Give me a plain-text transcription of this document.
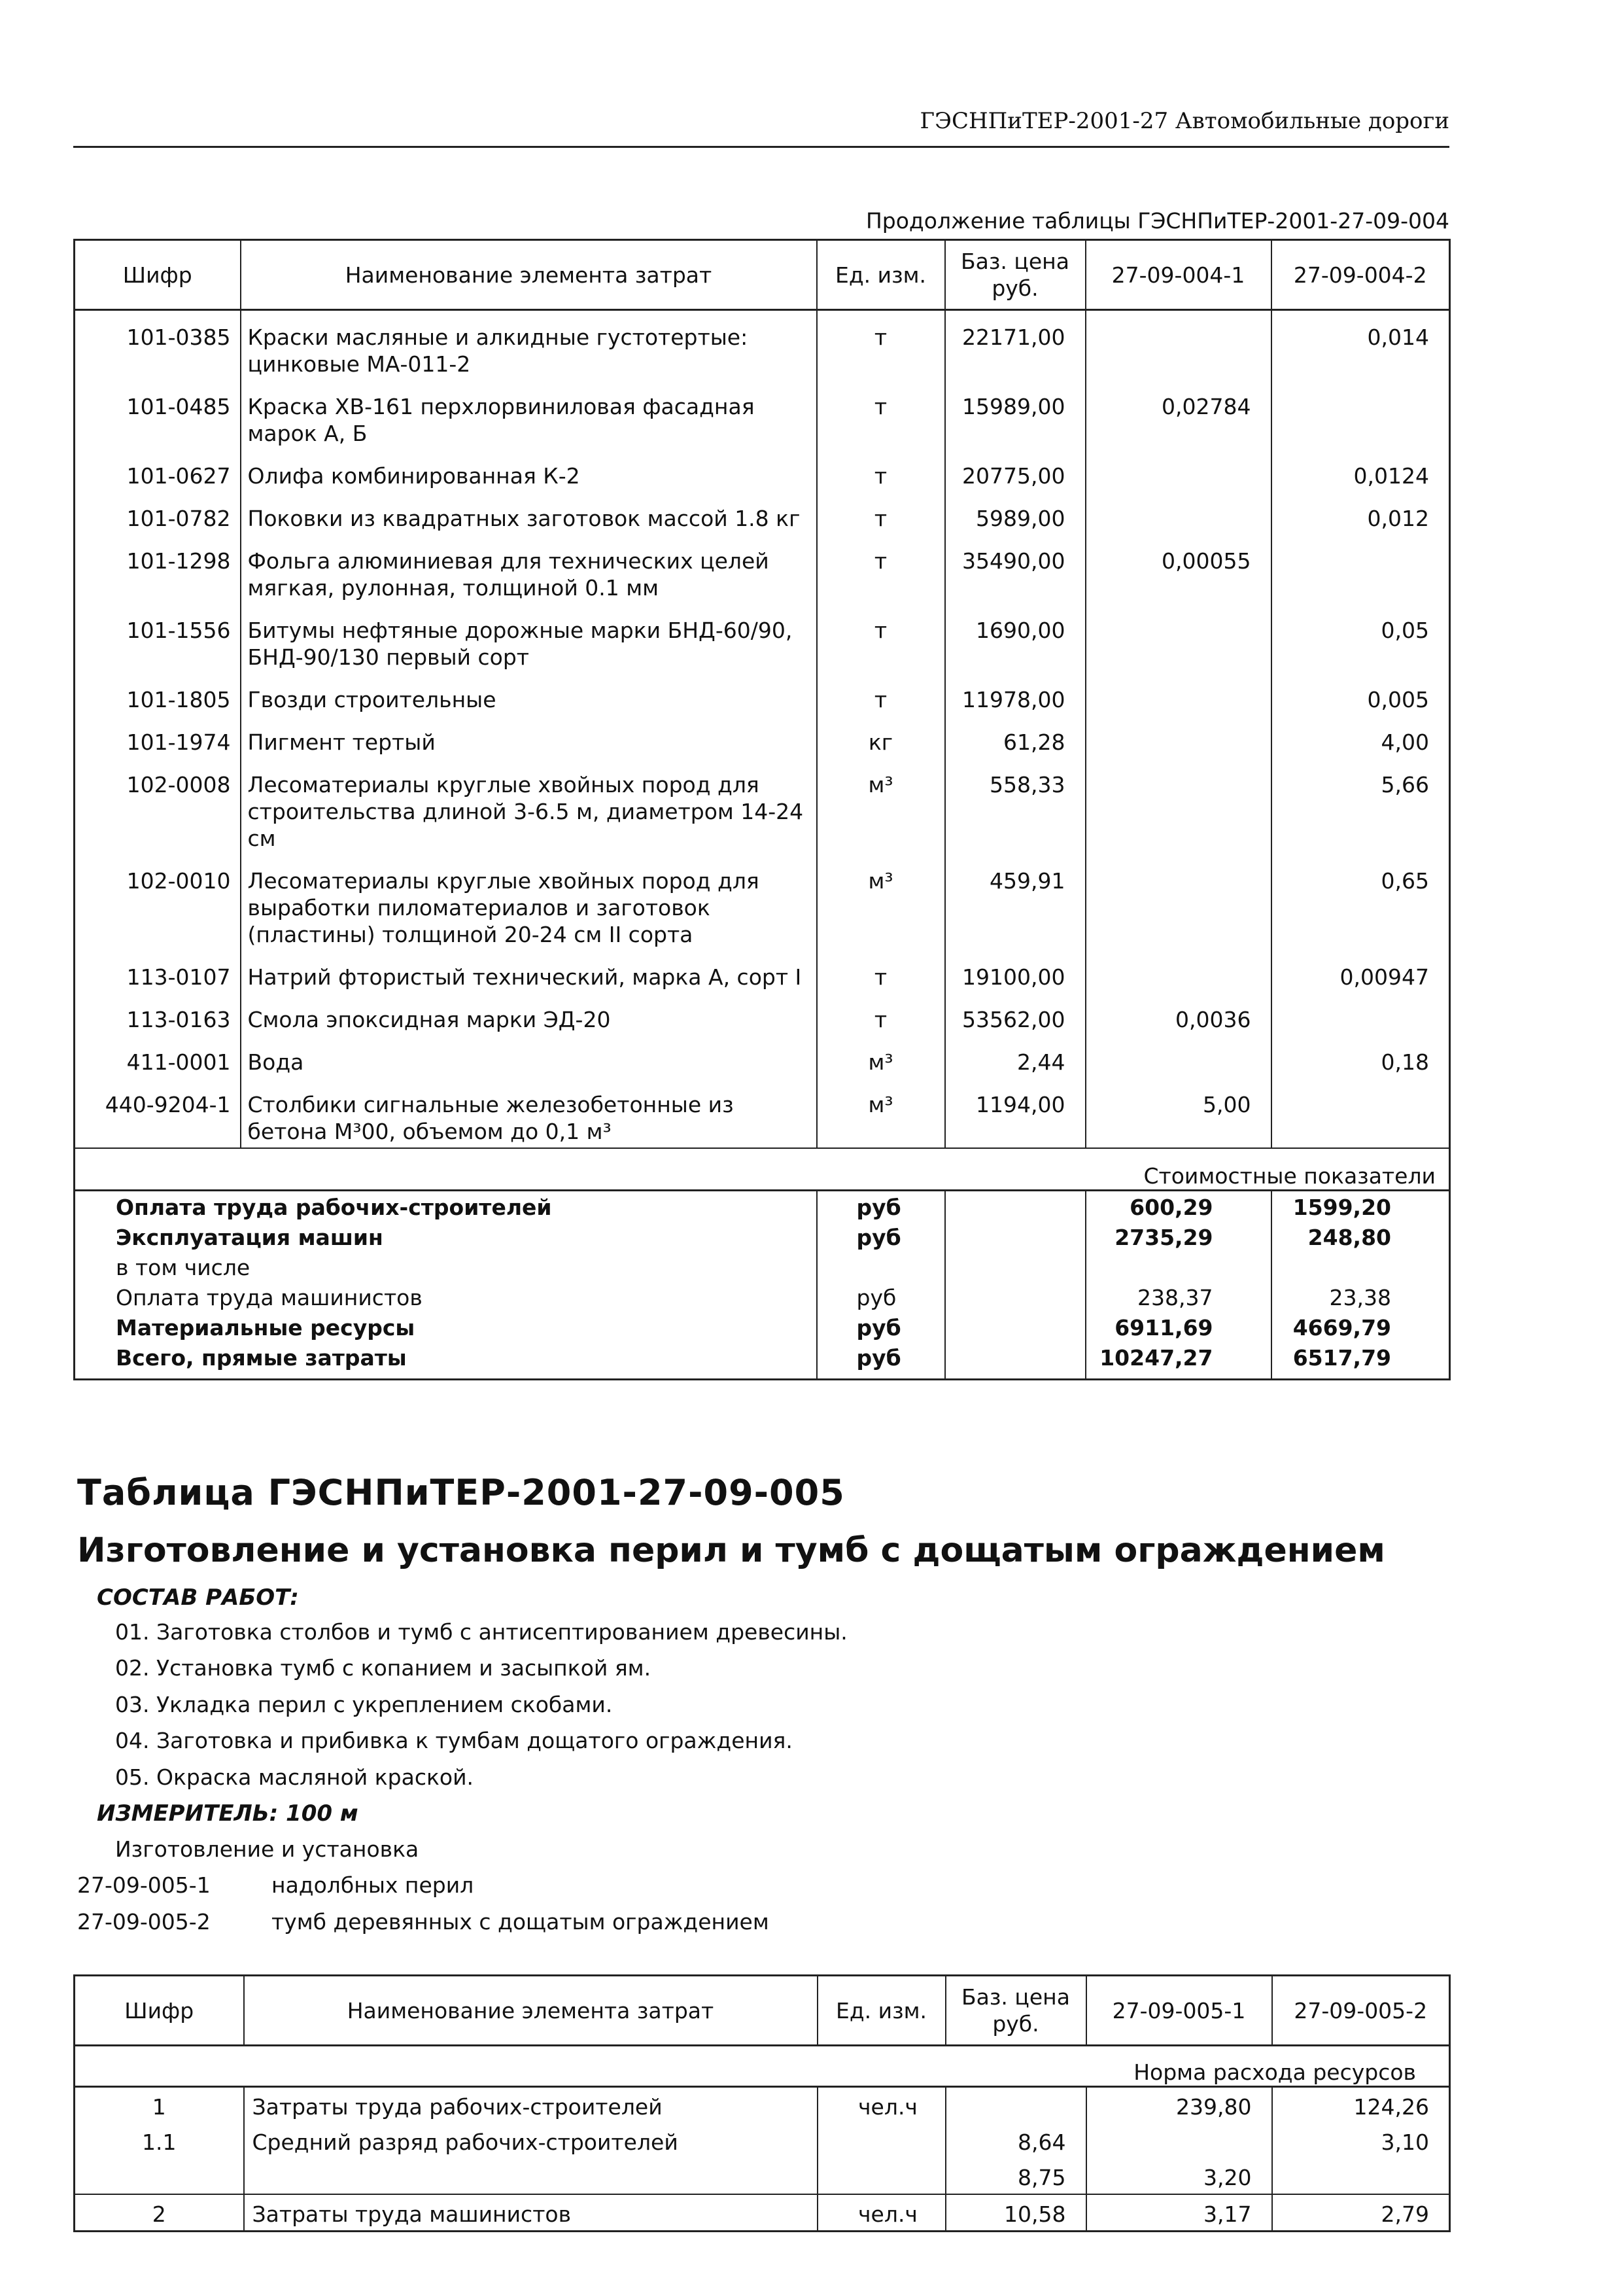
ГЭСНПиТЕР-2001-27 Автомобильные дороги
Продолжение таблицы ГЭСНПиТЕР-2001-27-09-004
Шифр	Наименование элемента затрат	Ед. изм.	Баз. цена руб.	27-09-004-1	27-09-004-2
101-0385	Краски масляные и алкидные густотертые: цинковые МА-011-2	т	22171,00		0,014
101-0485	Краска ХВ-161 перхлорвиниловая фасадная марок А, Б	т	15989,00	0,02784	
101-0627	Олифа комбинированная К-2	т	20775,00		0,0124
101-0782	Поковки из квадратных заготовок массой 1.8 кг	т	5989,00		0,012
101-1298	Фольга алюминиевая для технических целей мягкая, рулонная, толщиной 0.1 мм	т	35490,00	0,00055	
101-1556	Битумы нефтяные дорожные марки БНД-60/90, БНД-90/130 первый сорт	т	1690,00		0,05
101-1805	Гвозди строительные	т	11978,00		0,005
101-1974	Пигмент тертый	кг	61,28		4,00
102-0008	Лесоматериалы круглые хвойных пород для строительства длиной 3-6.5 м, диаметром 14-24 см	м³	558,33		5,66
102-0010	Лесоматериалы круглые хвойных пород для выработки пиломатериалов и заготовок (пластины) толщиной 20-24 см II сорта	м³	459,91		0,65
113-0107	Натрий фтористый технический, марка А, сорт I	т	19100,00		0,00947
113-0163	Смола эпоксидная марки ЭД-20	т	53562,00	0,0036	
411-0001	Вода	м³	2,44		0,18
440-9204-1	Столбики сигнальные железобетонные из бетона М³00, объемом до 0,1 м³	м³	1194,00	5,00	
Стоимостные показатели					
Оплата труда рабочих-строителей		руб		600,29	1599,20
Эксплуатация машин		руб		2735,29	248,80
в том числе					
Оплата труда машинистов		руб		238,37	23,38
Материальные ресурсы		руб		6911,69	4669,79
Всего, прямые затраты		руб		10247,27	6517,79
Таблица ГЭСНПиТЕР-2001-27-09-005
Изготовление и установка перил и тумб с дощатым ограждением
СОСТАВ РАБОТ:
01. Заготовка столбов и тумб с антисептированием древесины.
02. Установка тумб с копанием и засыпкой ям.
03. Укладка перил с укреплением скобами.
04. Заготовка и прибивка к тумбам дощатого ограждения.
05. Окраска масляной краской.
ИЗМЕРИТЕЛЬ: 100 м
Изготовление и установка
27-09-005-1	надолбных перил
27-09-005-2	тумб деревянных с дощатым ограждением
Шифр	Наименование элемента затрат	Ед. изм.	Баз. цена руб.	27-09-005-1	27-09-005-2
Норма расхода ресурсов					
1	Затраты труда рабочих-строителей	чел.ч		239,80	124,26
1.1	Средний разряд рабочих-строителей		8,64		3,10
			8,75	3,20	
2	Затраты труда машинистов	чел.ч	10,58	3,17	2,79
